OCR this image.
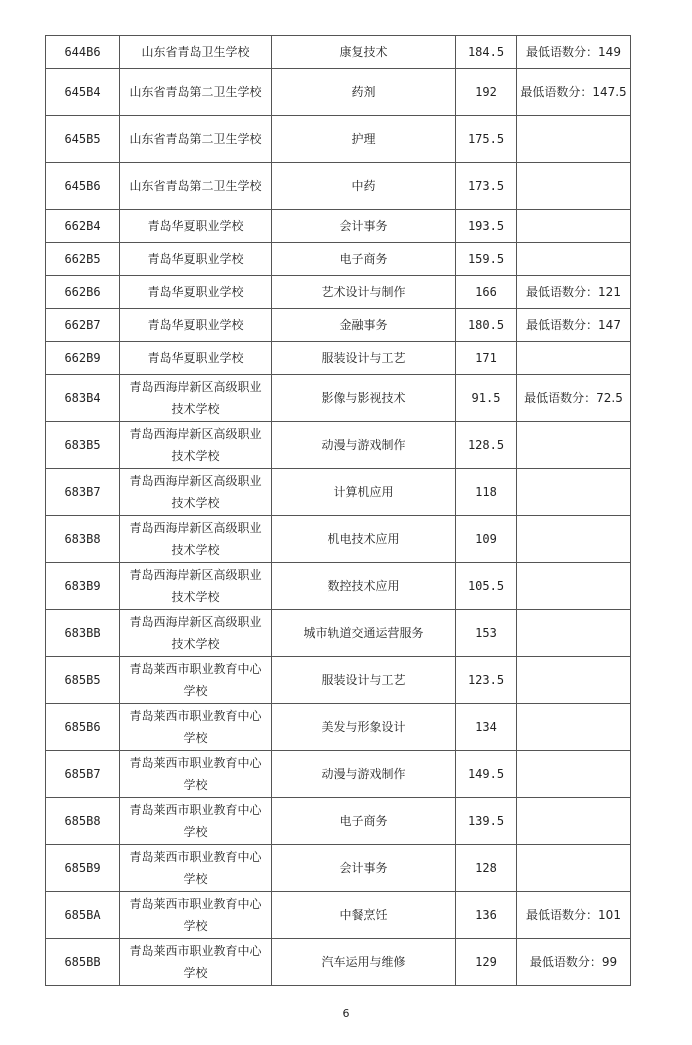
644B6	山东省青岛卫生学校	康复技术	184.5	最低语数分：149
645B4	山东省青岛第二卫生学校	药剂	192	最低语数分：147.5
645B5	山东省青岛第二卫生学校	护理	175.5	
645B6	山东省青岛第二卫生学校	中药	173.5	
662B4	青岛华夏职业学校	会计事务	193.5	
662B5	青岛华夏职业学校	电子商务	159.5	
662B6	青岛华夏职业学校	艺术设计与制作	166	最低语数分：121
662B7	青岛华夏职业学校	金融事务	180.5	最低语数分：147
662B9	青岛华夏职业学校	服装设计与工艺	171	
683B4	青岛西海岸新区高级职业技术学校	影像与影视技术	91.5	最低语数分：72.5
683B5	青岛西海岸新区高级职业技术学校	动漫与游戏制作	128.5	
683B7	青岛西海岸新区高级职业技术学校	计算机应用	118	
683B8	青岛西海岸新区高级职业技术学校	机电技术应用	109	
683B9	青岛西海岸新区高级职业技术学校	数控技术应用	105.5	
683BB	青岛西海岸新区高级职业技术学校	城市轨道交通运营服务	153	
685B5	青岛莱西市职业教育中心学校	服装设计与工艺	123.5	
685B6	青岛莱西市职业教育中心学校	美发与形象设计	134	
685B7	青岛莱西市职业教育中心学校	动漫与游戏制作	149.5	
685B8	青岛莱西市职业教育中心学校	电子商务	139.5	
685B9	青岛莱西市职业教育中心学校	会计事务	128	
685BA	青岛莱西市职业教育中心学校	中餐烹饪	136	最低语数分：101
685BB	青岛莱西市职业教育中心学校	汽车运用与维修	129	最低语数分：99
6
